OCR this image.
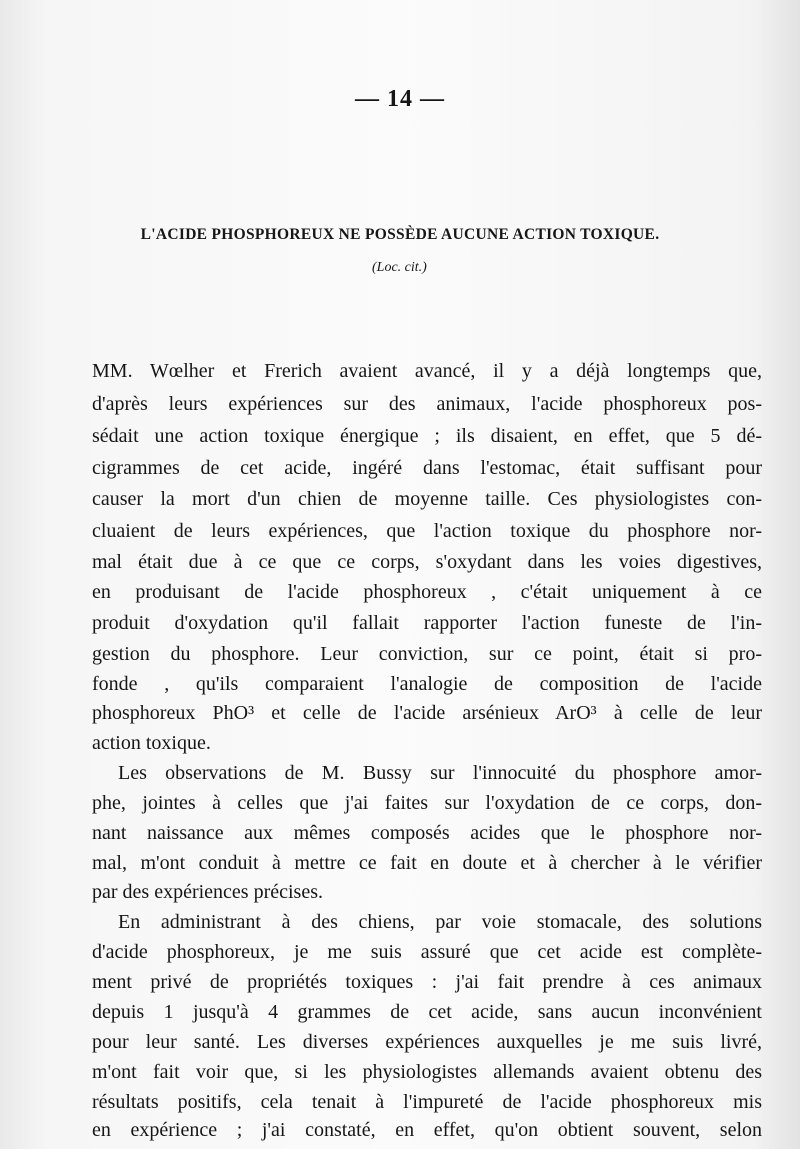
— 14 —
L'ACIDE PHOSPHOREUX NE POSSÈDE AUCUNE ACTION TOXIQUE.
(Loc. cit.)
MM. Wœlher et Frerich avaient avancé, il y a déjà longtemps que,
d'après leurs expériences sur des animaux, l'acide phosphoreux pos-
sédait une action toxique énergique ; ils disaient, en effet, que 5 dé-
cigrammes de cet acide, ingéré dans l'estomac, était suffisant pour
causer la mort d'un chien de moyenne taille. Ces physiologistes con-
cluaient de leurs expériences, que l'action toxique du phosphore nor-
mal était due à ce que ce corps, s'oxydant dans les voies digestives,
en produisant de l'acide phosphoreux , c'était uniquement à ce
produit d'oxydation qu'il fallait rapporter l'action funeste de l'in-
gestion du phosphore. Leur conviction, sur ce point, était si pro-
fonde , qu'ils comparaient l'analogie de composition de l'acide
phosphoreux PhO³ et celle de l'acide arsénieux ArO³ à celle de leur
action toxique.
Les observations de M. Bussy sur l'innocuité du phosphore amor-
phe, jointes à celles que j'ai faites sur l'oxydation de ce corps, don-
nant naissance aux mêmes composés acides que le phosphore nor-
mal, m'ont conduit à mettre ce fait en doute et à chercher à le vérifier
par des expériences précises.
En administrant à des chiens, par voie stomacale, des solutions
d'acide phosphoreux, je me suis assuré que cet acide est complète-
ment privé de propriétés toxiques : j'ai fait prendre à ces animaux
depuis 1 jusqu'à 4 grammes de cet acide, sans aucun inconvénient
pour leur santé. Les diverses expériences auxquelles je me suis livré,
m'ont fait voir que, si les physiologistes allemands avaient obtenu des
résultats positifs, cela tenait à l'impureté de l'acide phosphoreux mis
en expérience ; j'ai constaté, en effet, qu'on obtient souvent, selon
